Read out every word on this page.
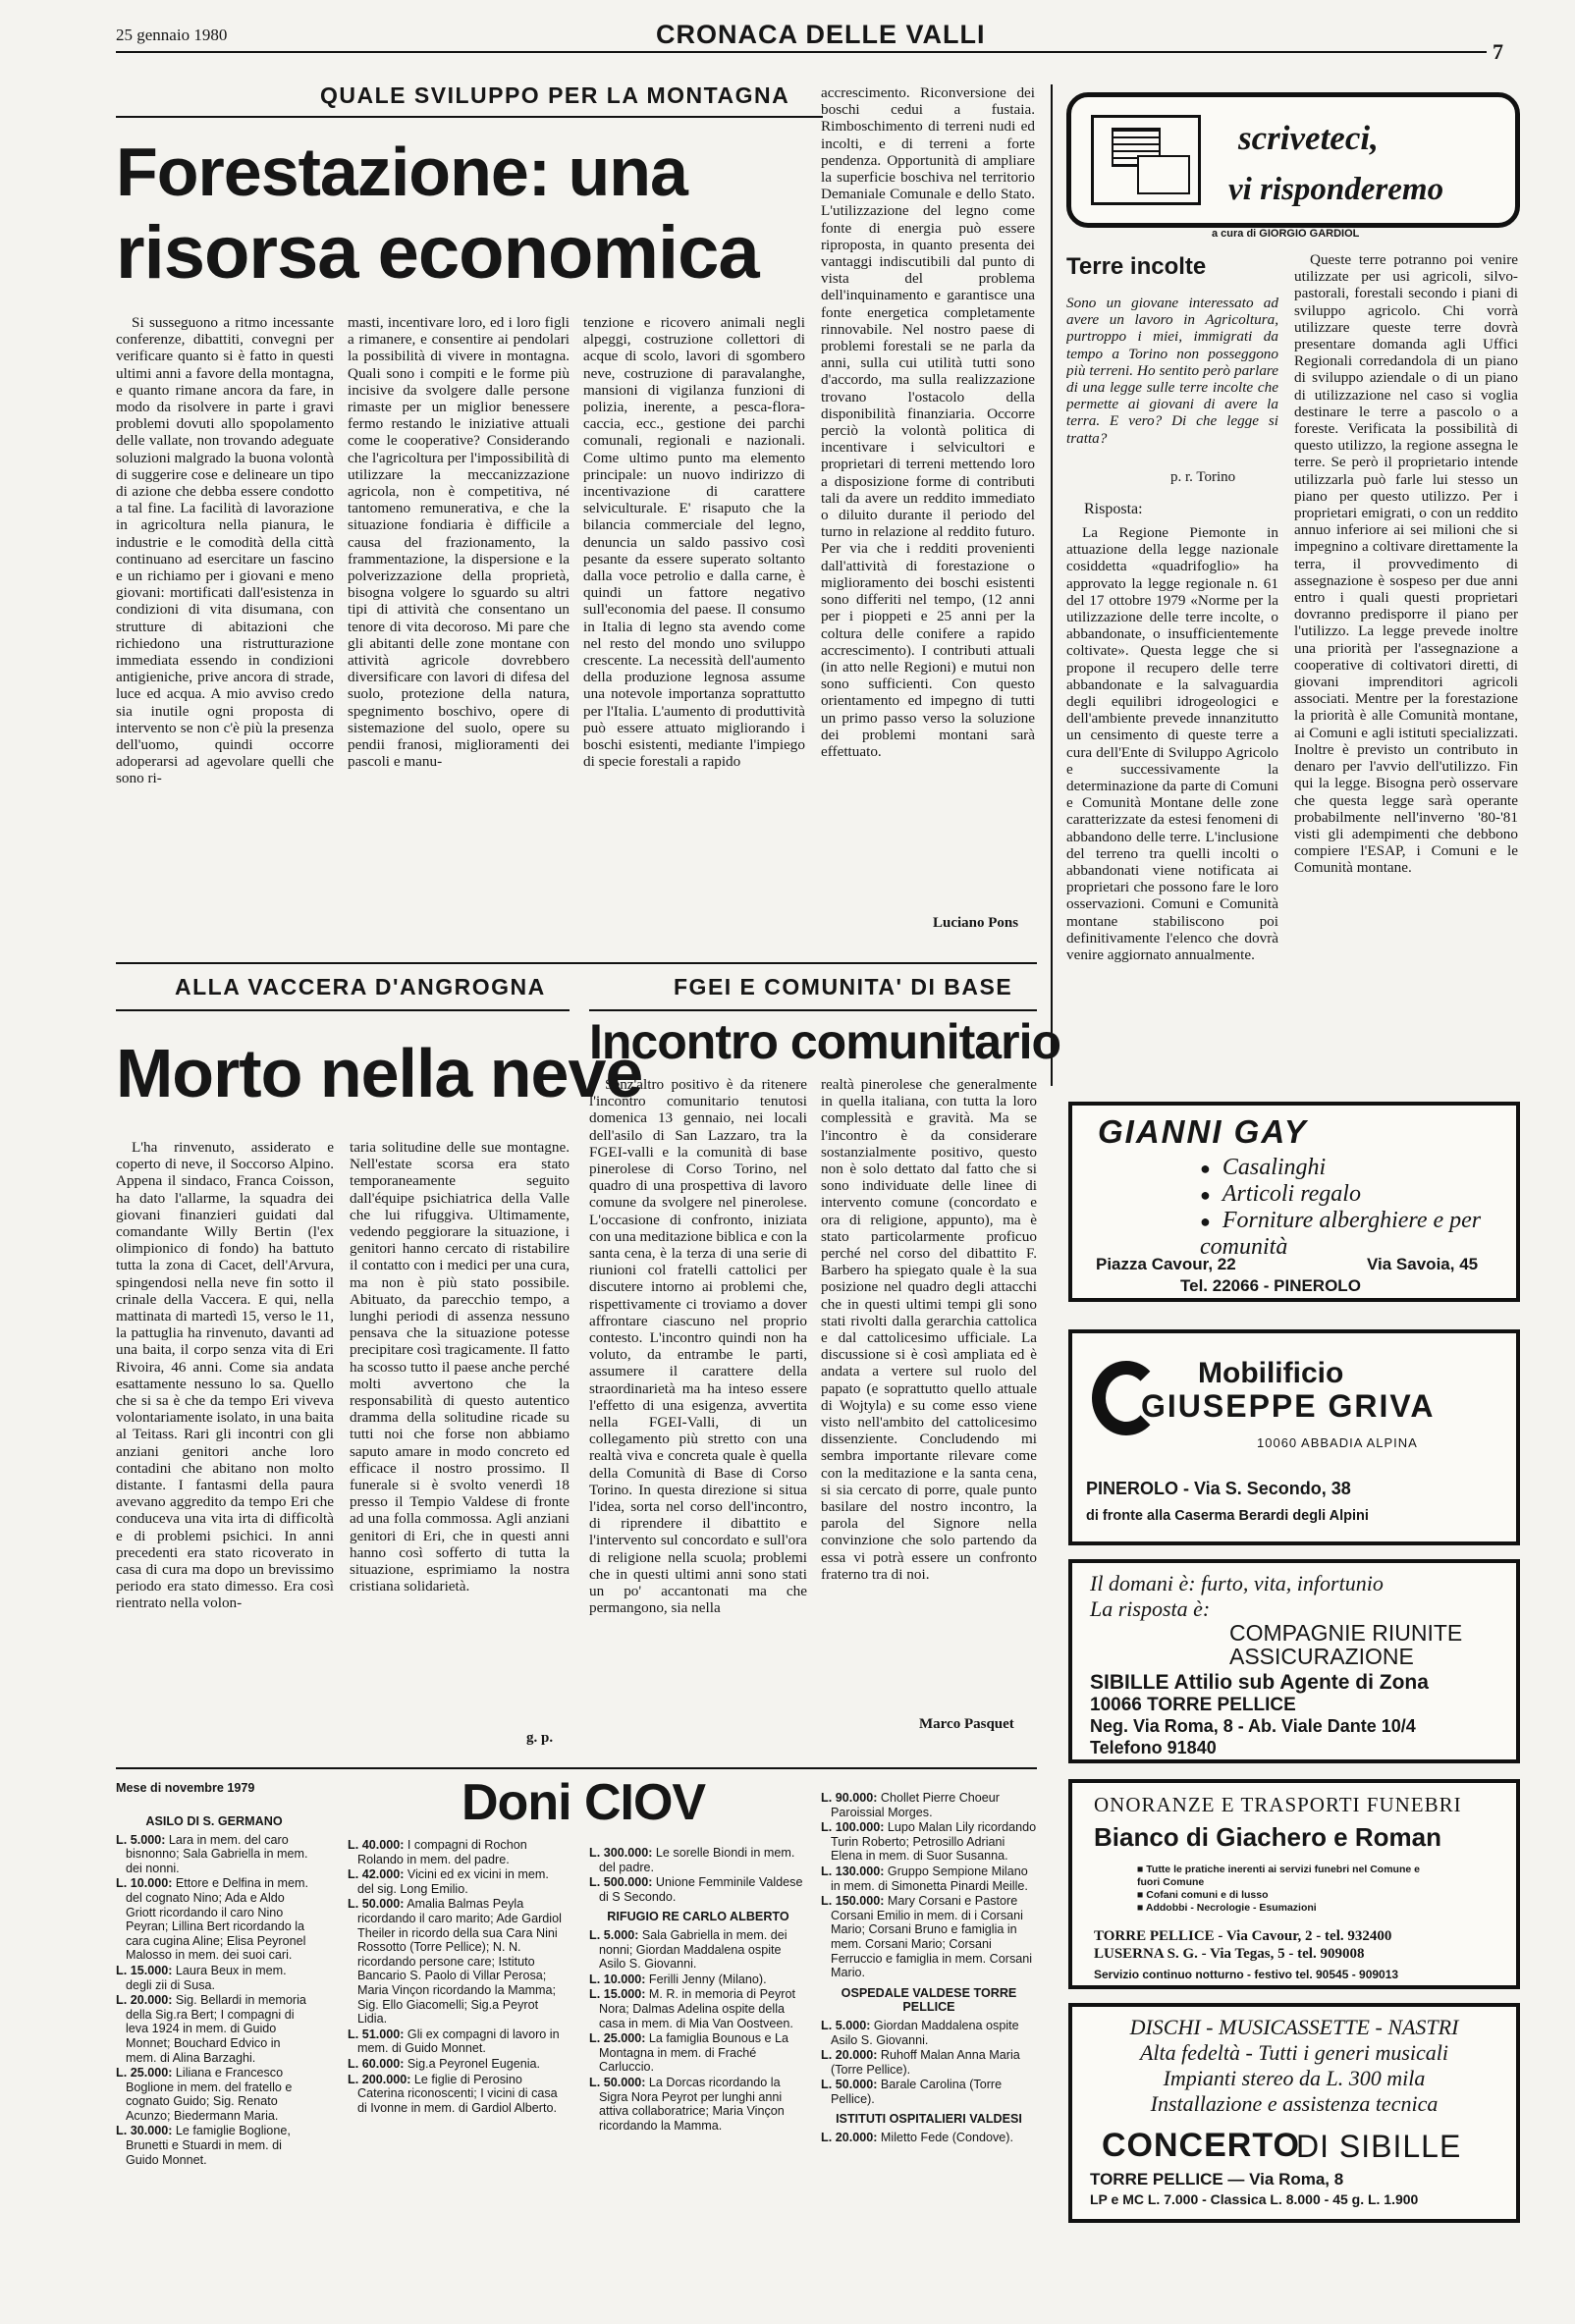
25 gennaio 1980	CRONACA DELLE VALLI
7
QUALE SVILUPPO PER LA MONTAGNA
Forestazione: una
risorsa economica
Si susseguono a ritmo incessante conferenze, dibattiti, convegni per verificare quanto si è fatto in questi ultimi anni a favore della montagna, e quanto rimane ancora da fare, in modo da risolvere in parte i gravi problemi dovuti allo spopolamento delle vallate, non trovando adeguate soluzioni malgrado la buona volontà di suggerire cose e delineare un tipo di azione che debba essere condotto a tal fine. La facilità di lavorazione in agricoltura nella pianura, le industrie e le comodità della città continuano ad esercitare un fascino e un richiamo per i giovani e meno giovani: mortificati dall'esistenza in condizioni di vita disumana, con strutture di abitazioni che richiedono una ristrutturazione immediata essendo in condizioni antigieniche, prive ancora di strade, luce ed acqua. A mio avviso credo sia inutile ogni proposta di intervento se non c'è più la presenza dell'uomo, quindi occorre adoperarsi ad agevolare quelli che sono ri-
masti, incentivare loro, ed i loro figli a rimanere, e consentire ai pendolari la possibilità di vivere in montagna. Quali sono i compiti e le forme più incisive da svolgere dalle persone rimaste per un miglior benessere fermo restando le iniziative attuali come le cooperative? Considerando che l'agricoltura per l'impossibilità di utilizzare la meccanizzazione agricola, non è competitiva, né tantomeno remunerativa, e che la situazione fondiaria è difficile a causa del frazionamento, la frammentazione, la dispersione e la polverizzazione della proprietà, bisogna volgere lo sguardo su altri tipi di attività che consentano un tenore di vita decoroso. Mi pare che gli abitanti delle zone montane con attività agricole dovrebbero diversificare con lavori di difesa del suolo, protezione della natura, spegnimento boschivo, opere di sistemazione del suolo, opere su pendii franosi, miglioramenti dei pascoli e manu-
tenzione e ricovero animali negli alpeggi, costruzione collettori di acque di scolo, lavori di sgombero neve, costruzione di paravalanghe, mansioni di vigilanza funzioni di polizia, inerente, a pesca-flora-caccia, ecc., gestione dei parchi comunali, regionali e nazionali. Come ultimo punto ma elemento principale: un nuovo indirizzo di incentivazione di carattere selviculturale. E' risaputo che la bilancia commerciale del legno, denuncia un saldo passivo così pesante da essere superato soltanto dalla voce petrolio e dalla carne, è quindi un fattore negativo sull'economia del paese. Il consumo in Italia di legno sta avendo come nel resto del mondo uno sviluppo crescente. La necessità dell'aumento della produzione legnosa assume una notevole importanza soprattutto per l'Italia. L'aumento di produttività può essere attuato migliorando i boschi esistenti, mediante l'impiego di specie forestali a rapido
accrescimento. Riconversione dei boschi cedui a fustaia. Rimboschimento di terreni nudi ed incolti, e di terreni a forte pendenza. Opportunità di ampliare la superficie boschiva nel territorio Demaniale Comunale e dello Stato. L'utilizzazione del legno come fonte di energia può essere riproposta, in quanto presenta dei vantaggi indiscutibili dal punto di vista del problema dell'inquinamento e garantisce una fonte energetica completamente rinnovabile. Nel nostro paese di problemi forestali se ne parla da anni, sulla cui utilità tutti sono d'accordo, ma sulla realizzazione trovano l'ostacolo della disponibilità finanziaria. Occorre perciò la volontà politica di incentivare i selvicultori e proprietari di terreni mettendo loro a disposizione forme di contributi tali da avere un reddito immediato o diluito durante il periodo del turno in relazione al reddito futuro. Per via che i redditi provenienti dall'attività di forestazione o miglioramento dei boschi esistenti sono differiti nel tempo, (12 anni per i pioppeti e 25 anni per la coltura delle conifere a rapido accrescimento). I contributi attuali (in atto nelle Regioni) e mutui non sono sufficienti. Con questo orientamento ed impegno di tutti un primo passo verso la soluzione dei problemi montani sarà effettuato.
Luciano Pons
scriveteci,
vi risponderemo
a cura di GIORGIO GARDIOL
Terre incolte
Sono un giovane interessato ad avere un lavoro in Agricoltura, purtroppo i miei, immigrati da tempo a Torino non posseggono più terreni. Ho sentito però parlare di una legge sulle terre incolte che permette ai giovani di avere la terra. E vero? Di che legge si tratta?
p. r. Torino
Risposta:
La Regione Piemonte in attuazione della legge nazionale cosiddetta «quadrifoglio» ha approvato la legge regionale n. 61 del 17 ottobre 1979 «Norme per la utilizzazione delle terre incolte, o abbandonate, o insufficientemente coltivate». Questa legge che si propone il recupero delle terre abbandonate e la salvaguardia degli equilibri idrogeologici e dell'ambiente prevede innanzitutto un censimento di queste terre a cura dell'Ente di Sviluppo Agricolo e successivamente la determinazione da parte di Comuni e Comunità Montane delle zone caratterizzate da estesi fenomeni di abbandono delle terre. L'inclusione del terreno tra quelli incolti o abbandonati viene notificata ai proprietari che possono fare le loro osservazioni. Comuni e Comunità montane stabiliscono poi definitivamente l'elenco che dovrà venire aggiornato annualmente.
Queste terre potranno poi venire utilizzate per usi agricoli, silvo-pastorali, forestali secondo i piani di sviluppo agricolo. Chi vorrà utilizzare queste terre dovrà presentare domanda agli Uffici Regionali corredandola di un piano di sviluppo aziendale o di un piano di utilizzazione nel caso si voglia destinare le terre a pascolo o a foreste. Verificata la possibilità di questo utilizzo, la regione assegna le terre. Se però il proprietario intende utilizzarla può farle lui stesso un piano per questo utilizzo. Per i proprietari emigrati, o con un reddito annuo inferiore ai sei milioni che si impegnino a coltivare direttamente la terra, il provvedimento di assegnazione è sospeso per due anni entro i quali questi proprietari dovranno predisporre il piano per l'utilizzo. La legge prevede inoltre una priorità per l'assegnazione a cooperative di coltivatori diretti, di giovani imprenditori agricoli associati. Mentre per la forestazione la priorità è alle Comunità montane, ai Comuni e agli istituti specializzati. Inoltre è previsto un contributo in denaro per l'avvio dell'utilizzo. Fin qui la legge. Bisogna però osservare che questa legge sarà operante probabilmente nell'inverno '80-'81 visti gli adempimenti che debbono compiere l'ESAP, i Comuni e le Comunità montane.
ALLA VACCERA D'ANGROGNA
Morto nella neve
L'ha rinvenuto, assiderato e coperto di neve, il Soccorso Alpino. Appena il sindaco, Franca Coisson, ha dato l'allarme, la squadra dei giovani finanzieri guidati dal comandante Willy Bertin (l'ex olimpionico di fondo) ha battuto tutta la zona di Cacet, dell'Arvura, spingendosi nella neve fin sotto il crinale della Vaccera. E qui, nella mattinata di martedì 15, verso le 11, la pattuglia ha rinvenuto, davanti ad una baita, il corpo senza vita di Eri Rivoira, 46 anni. Come sia andata esattamente nessuno lo sa. Quello che si sa è che da tempo Eri viveva volontariamente isolato, in una baita al Teitass. Rari gli incontri con gli anziani genitori anche loro contadini che abitano non molto distante. I fantasmi della paura avevano aggredito da tempo Eri che conduceva una vita irta di difficoltà e di problemi psichici. In anni precedenti era stato ricoverato in casa di cura ma dopo un brevissimo periodo era stato dimesso. Era così rientrato nella volon-
taria solitudine delle sue montagne. Nell'estate scorsa era stato temporaneamente seguito dall'équipe psichiatrica della Valle che lui rifuggiva. Ultimamente, vedendo peggiorare la situazione, i genitori hanno cercato di ristabilire il contatto con i medici per una cura, ma non è più stato possibile. Abituato, da parecchio tempo, a lunghi periodi di assenza nessuno pensava che la situazione potesse precipitare così tragicamente. Il fatto ha scosso tutto il paese anche perché molti avvertono che la responsabilità di questo autentico dramma della solitudine ricade su tutti noi che forse non abbiamo saputo amare in modo concreto ed efficace il nostro prossimo. Il funerale si è svolto venerdì 18 presso il Tempio Valdese di fronte ad una folla commossa. Agli anziani genitori di Eri, che in questi anni hanno così sofferto di tutta la situazione, esprimiamo la nostra cristiana solidarietà.
g. p.
FGEI E COMUNITA' DI BASE
Incontro comunitario
Senz'altro positivo è da ritenere l'incontro comunitario tenutosi domenica 13 gennaio, nei locali dell'asilo di San Lazzaro, tra la FGEI-valli e la comunità di base pinerolese di Corso Torino, nel quadro di una prospettiva di lavoro comune da svolgere nel pinerolese. L'occasione di confronto, iniziata con una meditazione biblica e con la santa cena, è la terza di una serie di riunioni col fratelli cattolici per discutere intorno ai problemi che, rispettivamente ci troviamo a dover affrontare ciascuno nel proprio contesto. L'incontro quindi non ha voluto, da entrambe le parti, assumere il carattere della straordinarietà ma ha inteso essere l'effetto di una esigenza, avvertita nella FGEI-Valli, di un collegamento più stretto con una realtà viva e concreta quale è quella della Comunità di Base di Corso Torino. In questa direzione si situa l'idea, sorta nel corso dell'incontro, di riprendere il dibattito e l'intervento sul concordato e sull'ora di religione nella scuola; problemi che in questi ultimi anni sono stati un po' accantonati ma che permangono, sia nella
realtà pinerolese che generalmente in quella italiana, con tutta la loro complessità e gravità. Ma se l'incontro è da considerare sostanzialmente positivo, questo non è solo dettato dal fatto che si sono individuate delle linee di intervento comune (concordato e ora di religione, appunto), ma è stato particolarmente proficuo perché nel corso del dibattito F. Barbero ha spiegato quale è la sua posizione nel quadro degli attacchi che in questi ultimi tempi gli sono stati rivolti dalla gerarchia cattolica e dal cattolicesimo ufficiale. La discussione si è così ampliata ed è andata a vertere sul ruolo del papato (e soprattutto quello attuale di Wojtyla) e su come esso viene visto nell'ambito del cattolicesimo dissenziente. Concludendo mi sembra importante rilevare come con la meditazione e la santa cena, si sia cercato di porre, quale punto basilare del nostro incontro, la parola del Signore nella convinzione che solo partendo da essa vi potrà essere un confronto fraterno tra di noi.
Marco Pasquet
Mese di novembre 1979	Doni CIOV
ASILO DI S. GERMANO
L. 5.000: Lara in mem. del caro bisnonno; Sala Gabriella in mem. dei nonni.
L. 10.000: Ettore e Delfina in mem. del cognato Nino; Ada e Aldo Griott ricordando il caro Nino Peyran; Lillina Bert ricordando la cara cugina Aline; Elisa Peyronel Malosso in mem. dei suoi cari.
L. 15.000: Laura Beux in mem. degli zii di Susa.
L. 20.000: Sig. Bellardi in memoria della Sig.ra Bert; I compagni di leva 1924 in mem. di Guido Monnet; Bouchard Edvico in mem. di Alina Barzaghi.
L. 25.000: Liliana e Francesco Boglione in mem. del fratello e cognato Guido; Sig. Renato Acunzo; Biedermann Maria.
L. 30.000: Le famiglie Boglione, Brunetti e Stuardi in mem. di Guido Monnet.
L. 40.000: I compagni di Rochon Rolando in mem. del padre.
L. 42.000: Vicini ed ex vicini in mem. del sig. Long Emilio.
L. 50.000: Amalia Balmas Peyla ricordando il caro marito; Ade Gardiol Theiler in ricordo della sua Cara Nini Rossotto (Torre Pellice); N. N. ricordando persone care; Istituto Bancario S. Paolo di Villar Perosa; Maria Vinçon ricordando la Mamma; Sig. Ello Giacomelli; Sig.a Peyrot Lidia.
L. 51.000: Gli ex compagni di lavoro in mem. di Guido Monnet.
L. 60.000: Sig.a Peyronel Eugenia.
L. 200.000: Le figlie di Perosino Caterina riconoscenti; I vicini di casa di Ivonne in mem. di Gardiol Alberto.
L. 300.000: Le sorelle Biondi in mem. del padre.
L. 500.000: Unione Femminile Valdese di S Secondo.
RIFUGIO RE CARLO ALBERTO
L. 5.000: Sala Gabriella in mem. dei nonni; Giordan Maddalena ospite Asilo S. Giovanni.
L. 10.000: Ferilli Jenny (Milano).
L. 15.000: M. R. in memoria di Peyrot Nora; Dalmas Adelina ospite della casa in mem. di Mia Van Oostveen.
L. 25.000: La famiglia Bounous e La Montagna in mem. di Fraché Carluccio.
L. 50.000: La Dorcas ricordando la Sigra Nora Peyrot per lunghi anni attiva collaboratrice; Maria Vinçon ricordando la Mamma.
L. 90.000: Chollet Pierre Choeur Paroissial Morges.
L. 100.000: Lupo Malan Lily ricordando Turin Roberto; Petrosillo Adriani Elena in mem. di Suor Susanna.
L. 130.000: Gruppo Sempione Milano in mem. di Simonetta Pinardi Meille.
L. 150.000: Mary Corsani e Pastore Corsani Emilio in mem. di i Corsani Mario; Corsani Bruno e famiglia in mem. Corsani Mario; Corsani Ferruccio e famiglia in mem. Corsani Mario.
OSPEDALE VALDESE TORRE PELLICE
L. 5.000: Giordan Maddalena ospite Asilo S. Giovanni.
L. 20.000: Ruhoff Malan Anna Maria (Torre Pellice).
L. 50.000: Barale Carolina (Torre Pellice).
ISTITUTI OSPITALIERI VALDESI
L. 20.000: Miletto Fede (Condove).
GIANNI GAY
● Casalinghi
● Articoli regalo
● Forniture alberghiere e per comunità
Piazza Cavour, 22	Via Savoia, 45
Tel. 22066 - PINEROLO
Mobilificio
GIUSEPPE GRIVA
10060 ABBADIA ALPINA
PINEROLO - Via S. Secondo, 38
di fronte alla Caserma Berardi degli Alpini
Il domani è: furto, vita, infortunio
La risposta è:
COMPAGNIE RIUNITE
ASSICURAZIONE
SIBILLE Attilio sub Agente di Zona
10066 TORRE PELLICE
Neg. Via Roma, 8 - Ab. Viale Dante 10/4
Telefono 91840
ONORANZE E TRASPORTI FUNEBRI
Bianco di Giachero e Roman
■ Tutte le pratiche inerenti ai servizi funebri nel Comune e fuori Comune
■ Cofani comuni e di lusso
■ Addobbi - Necrologie - Esumazioni
TORRE PELLICE - Via Cavour, 2 - tel. 932400
LUSERNA S. G. - Via Tegas, 5 - tel. 909008
Servizio continuo notturno - festivo tel. 90545 - 909013
DISCHI - MUSICASSETTE - NASTRI
Alta fedeltà - Tutti i generi musicali
Impianti stereo da L. 300 mila
Installazione e assistenza tecnica
CONCERTO
DI SIBILLE
TORRE PELLICE — Via Roma, 8
LP e MC L. 7.000 - Classica L. 8.000 - 45 g. L. 1.900
